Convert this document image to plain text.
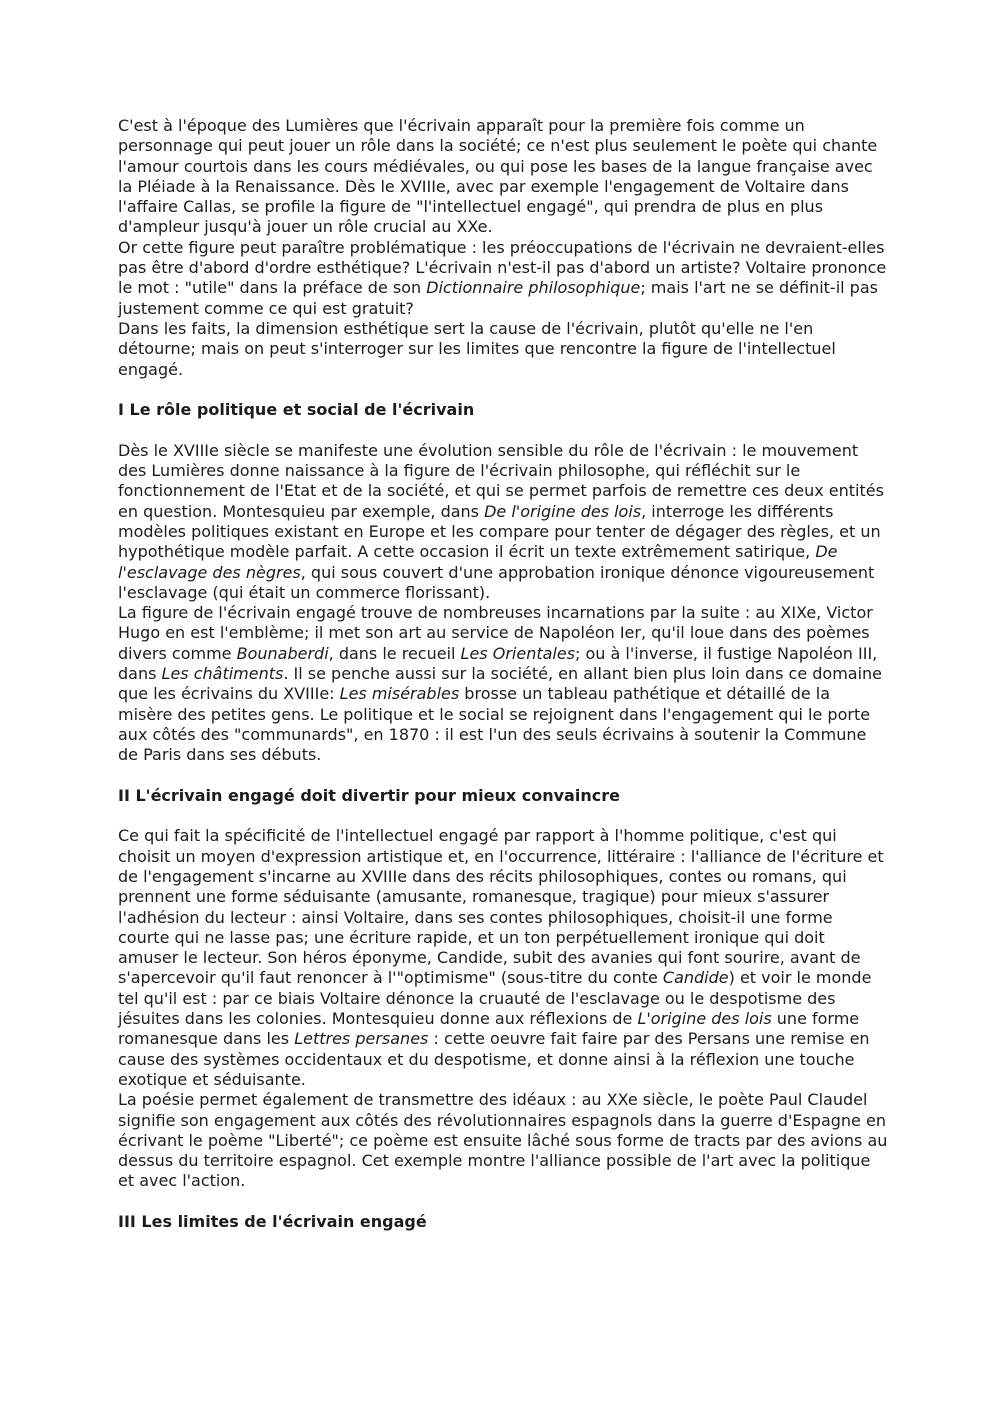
C'est à l'époque des Lumières que l'écrivain apparaît pour la première fois comme un personnage qui peut jouer un rôle dans la société; ce n'est plus seulement le poète qui chante l'amour courtois dans les cours médiévales, ou qui pose les bases de la langue française avec la Pléiade à la Renaissance. Dès le XVIIIe, avec par exemple l'engagement de Voltaire dans l'affaire Callas, se profile la figure de "l'intellectuel engagé", qui prendra de plus en plus d'ampleur jusqu'à jouer un rôle crucial au XXe.

Or cette figure peut paraître problématique : les préoccupations de l'écrivain ne devraient-elles pas être d'abord d'ordre esthétique? L'écrivain n'est-il pas d'abord un artiste? Voltaire prononce le mot : "utile" dans la préface de son Dictionnaire philosophique; mais l'art ne se définit-il pas justement comme ce qui est gratuit?

Dans les faits, la dimension esthétique sert la cause de l'écrivain, plutôt qu'elle ne l'en détourne; mais on peut s'interroger sur les limites que rencontre la figure de l'intellectuel engagé.

I Le rôle politique et social de l'écrivain

Dès le XVIIIe siècle se manifeste une évolution sensible du rôle de l'écrivain : le mouvement des Lumières donne naissance à la figure de l'écrivain philosophe, qui réfléchit sur le fonctionnement de l'Etat et de la société, et qui se permet parfois de remettre ces deux entités en question. Montesquieu par exemple, dans De l'origine des lois, interroge les différents modèles politiques existant en Europe et les compare pour tenter de dégager des règles, et un hypothétique modèle parfait. A cette occasion il écrit un texte extrêmement satirique, De l'esclavage des nègres, qui sous couvert d'une approbation ironique dénonce vigoureusement l'esclavage (qui était un commerce florissant).

La figure de l'écrivain engagé trouve de nombreuses incarnations par la suite : au XIXe, Victor Hugo en est l'emblème; il met son art au service de Napoléon Ier, qu'il loue dans des poèmes divers comme Bounaberdi, dans le recueil Les Orientales; ou à l'inverse, il fustige Napoléon III, dans Les châtiments. Il se penche aussi sur la société, en allant bien plus loin dans ce domaine que les écrivains du XVIIIe: Les misérables brosse un tableau pathétique et détaillé de la misère des petites gens. Le politique et le social se rejoignent dans l'engagement qui le porte aux côtés des "communards", en 1870 : il est l'un des seuls écrivains à soutenir la Commune de Paris dans ses débuts.

II L'écrivain engagé doit divertir pour mieux convaincre

Ce qui fait la spécificité de l'intellectuel engagé par rapport à l'homme politique, c'est qui choisit un moyen d'expression artistique et, en l'occurrence, littéraire : l'alliance de l'écriture et de l'engagement s'incarne au XVIIIe dans des récits philosophiques, contes ou romans, qui prennent une forme séduisante (amusante, romanesque, tragique) pour mieux s'assurer l'adhésion du lecteur : ainsi Voltaire, dans ses contes philosophiques, choisit-il une forme courte qui ne lasse pas; une écriture rapide, et un ton perpétuellement ironique qui doit amuser le lecteur. Son héros éponyme, Candide, subit des avanies qui font sourire, avant de s'apercevoir qu'il faut renoncer à l'"optimisme" (sous-titre du conte Candide) et voir le monde tel qu'il est : par ce biais Voltaire dénonce la cruauté de l'esclavage ou le despotisme des jésuites dans les colonies. Montesquieu donne aux réflexions de L'origine des lois une forme romanesque dans les Lettres persanes : cette oeuvre fait faire par des Persans une remise en cause des systèmes occidentaux et du despotisme, et donne ainsi à la réflexion une touche exotique et séduisante.

La poésie permet également de transmettre des idéaux : au XXe siècle, le poète Paul Claudel signifie son engagement aux côtés des révolutionnaires espagnols dans la guerre d'Espagne en écrivant le poème "Liberté"; ce poème est ensuite lâché sous forme de tracts par des avions au dessus du territoire espagnol. Cet exemple montre l'alliance possible de l'art avec la politique et avec l'action.

III Les limites de l'écrivain engagé
